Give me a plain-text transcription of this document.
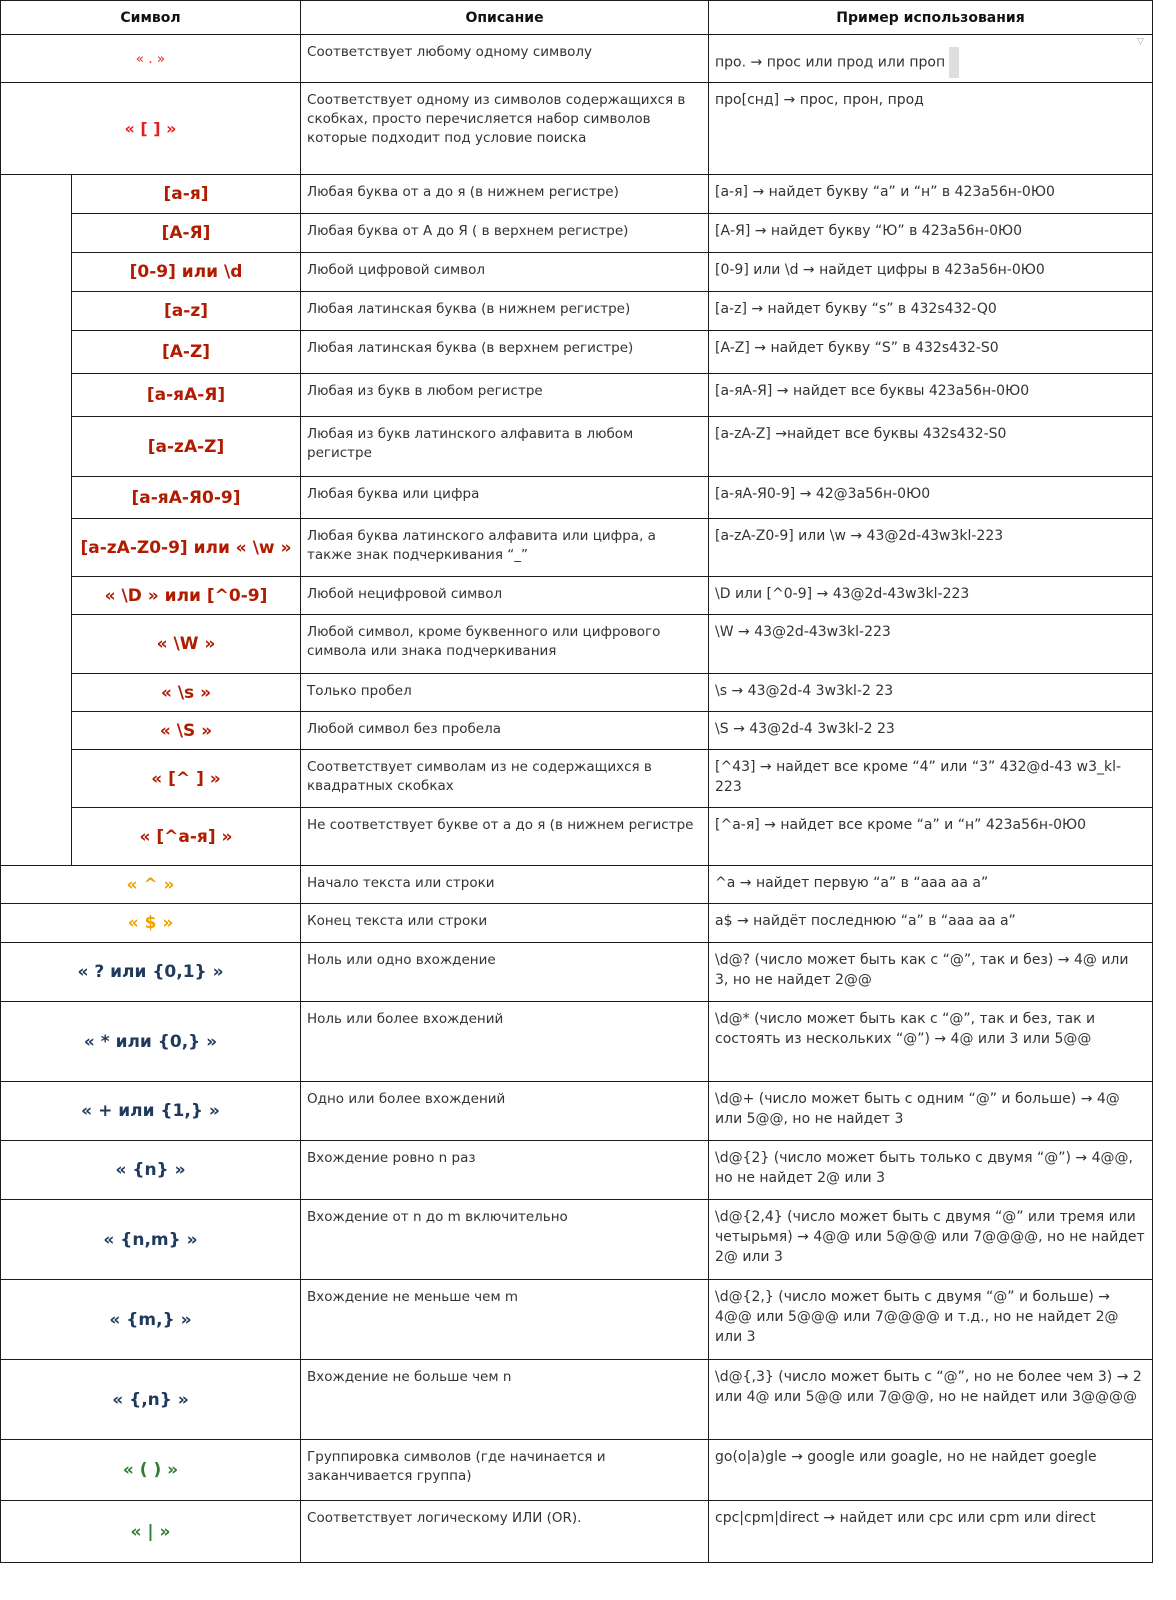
Символ		Описание	Пример использования
« . »		Соответствует любому одному символу	про. → прос или прод или проп
« [ ] »		Соответствует одному из символов содержащихся в скобках, просто перечисляется набор символов которые подходит под условие поиска	про[снд] → прос, прон, прод
	[а-я]	Любая буква от а до я (в нижнем регистре)	[а-я] → найдет букву “а” и “н” в 423а56н-0Ю0
	[А-Я]	Любая буква от А до Я ( в верхнем регистре)	[А-Я] → найдет букву “Ю” в 423а56н-0Ю0
	[0-9] или \d	Любой цифровой символ	[0-9] или \d → найдет цифры в 423а56н-0Ю0
	[a-z]	Любая латинская буква (в нижнем регистре)	[a-z] → найдет букву “s” в 432s432-Q0
	[A-Z]	Любая латинская буква (в верхнем регистре)	[A-Z] → найдет букву “S” в 432s432-S0
	[а-яА-Я]	Любая из букв в любом регистре	[а-яА-Я] → найдет все буквы 423а56н-0Ю0
	[a-zA-Z]	Любая из букв латинского алфавита в любом регистре	[a-zA-Z] →найдет все буквы 432s432-S0
	[а-яА-Я0-9]	Любая буква или цифра	[а-яА-Я0-9] → 42@3а56н-0Ю0
	[a-zA-Z0-9] или « \w »	Любая буква латинского алфавита или цифра, а также знак подчеркивания “_”	[a-zA-Z0-9] или \w → 43@2d-43w3kl-223
	« \D » или [^0-9]	Любой нецифровой символ	\D или [^0-9] → 43@2d-43w3kl-223
	« \W »	Любой символ, кроме буквенного или цифрового символа или знака подчеркивания	\W → 43@2d-43w3kl-223
	« \s »	Только пробел	\s → 43@2d-4 3w3kl-2 23
	« \S »	Любой символ без пробела	\S → 43@2d-4 3w3kl-2 23
	« [^ ] »	Соответствует символам из не содержащихся в квадратных скобках	[^43] → найдет все кроме “4” или “3” 432@d-43 w3_kl-223
	« [^а-я] »	Не соответствует букве от а до я (в нижнем регистре	[^а-я] → найдет все кроме “а” и “н” 423а56н-0Ю0
« ^ »		Начало текста или строки	^а → найдет первую “а” в “ааа аа а”
« $ »		Конец текста или строки	а$ → найдёт последнюю “а” в “ааа аа а”
« ? или {0,1} »		Ноль или одно вхождение	\d@? (число может быть как с “@”, так и без) → 4@ или 3, но не найдет 2@@
« * или {0,} »		Ноль или более вхождений	\d@* (число может быть как с “@”, так и без, так и состоять из нескольких “@”) → 4@ или 3 или 5@@
« + или {1,} »		Одно или более вхождений	\d@+ (число может быть с одним “@” и больше) → 4@ или 5@@, но не найдет 3
« {n} »		Вхождение ровно n раз	\d@{2} (число может быть только с двумя “@”) → 4@@, но не найдет 2@ или 3
« {n,m} »		Вхождение от n до m включительно	\d@{2,4} (число может быть с двумя “@” или тремя или четырьмя) → 4@@ или 5@@@ или 7@@@@, но не найдет 2@ или 3
« {m,} »		Вхождение не меньше чем m	\d@{2,} (число может быть с двумя “@” и больше) → 4@@ или 5@@@ или 7@@@@ и т.д., но не найдет 2@ или 3
« {,n} »		Вхождение не больше чем n	\d@{,3} (число может быть с “@”, но не более чем 3) → 2 или 4@ или 5@@ или 7@@@, но не найдет или 3@@@@
« ( ) »		Группировка символов (где начинается и заканчивается группа)	go(o|a)gle → google или goagle, но не найдет goegle
« | »		Соответствует логическому ИЛИ (OR).	cpc|cpm|direct → найдет или cpc или cpm или direct
▽
